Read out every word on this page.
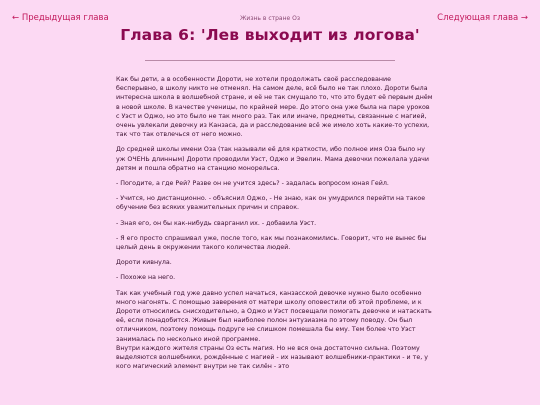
← Предыдущая глава	Жизнь в стране Оз	Следующая глава →
Глава 6: 'Лев выходит из логова'

Как бы дети, а в особенности Дороти, не хотели продолжать своё расследование бесперывно, в школу никто не отменял. На самом деле, всё было не так плохо. Дороти была интересна школа в волшебной стране, и её не так смущало то, что это будет её первым днём в новой школе. В качестве ученицы, по крайней мере. До этого она уже была на паре уроков с Уэст и Оджо, но это было не так много раз. Так или иначе, предметы, связанные с магией, очень увлекали девочку из Канзаса, да и расследование всё же имело хоть какие-то успехи, так что так отвлечься от него можно.

До средней школы имени Оза (так называли её для краткости, ибо полное имя Оза было ну уж ОЧЕНЬ длинным) Дороти проводили Уэст, Оджо и Эвелин. Мама девочки пожелала удачи детям и пошла обратно на станцию монорельса.

- Погодите, а где Рей? Разве он не учится здесь? - задалась вопросом юная Гейл.

- Учится, но дистанционно. - объяснил Оджо, - Не знаю, как он умудрился перейти на такое обучение без всяких уважительных причин и справок.

- Зная его, он бы как-нибудь сварганил их. - добавила Уэст.

- Я его просто спрашивал уже, после того, как мы познакомились. Говорит, что не вынес бы целый день в окружении такого количества людей.

Дороти кивнула.

- Похоже на него.

Так как учебный год уже давно успел начаться, канзасской девочке нужно было особенно много нагонять. С помощью заверения от матери школу оповестили об этой проблеме, и к Дороти относились снисходительно, а Оджо и Уэст посвещали помогать девочке и натаскать её, если понадобится. Живым был наиболее полон энтузиазма по этому поводу. Он был отличником, поэтому помощь подруге не слишком помешала бы ему. Тем более что Уэст занималась по несколько иной программе.

Внутри каждого жителя страны Оз есть магия. Но не вся она достаточно сильна. Поэтому выделяются волшебники, рождённые с магией - их называют волшебники-практики - и те, у кого магический элемент внутри не так силён - это
